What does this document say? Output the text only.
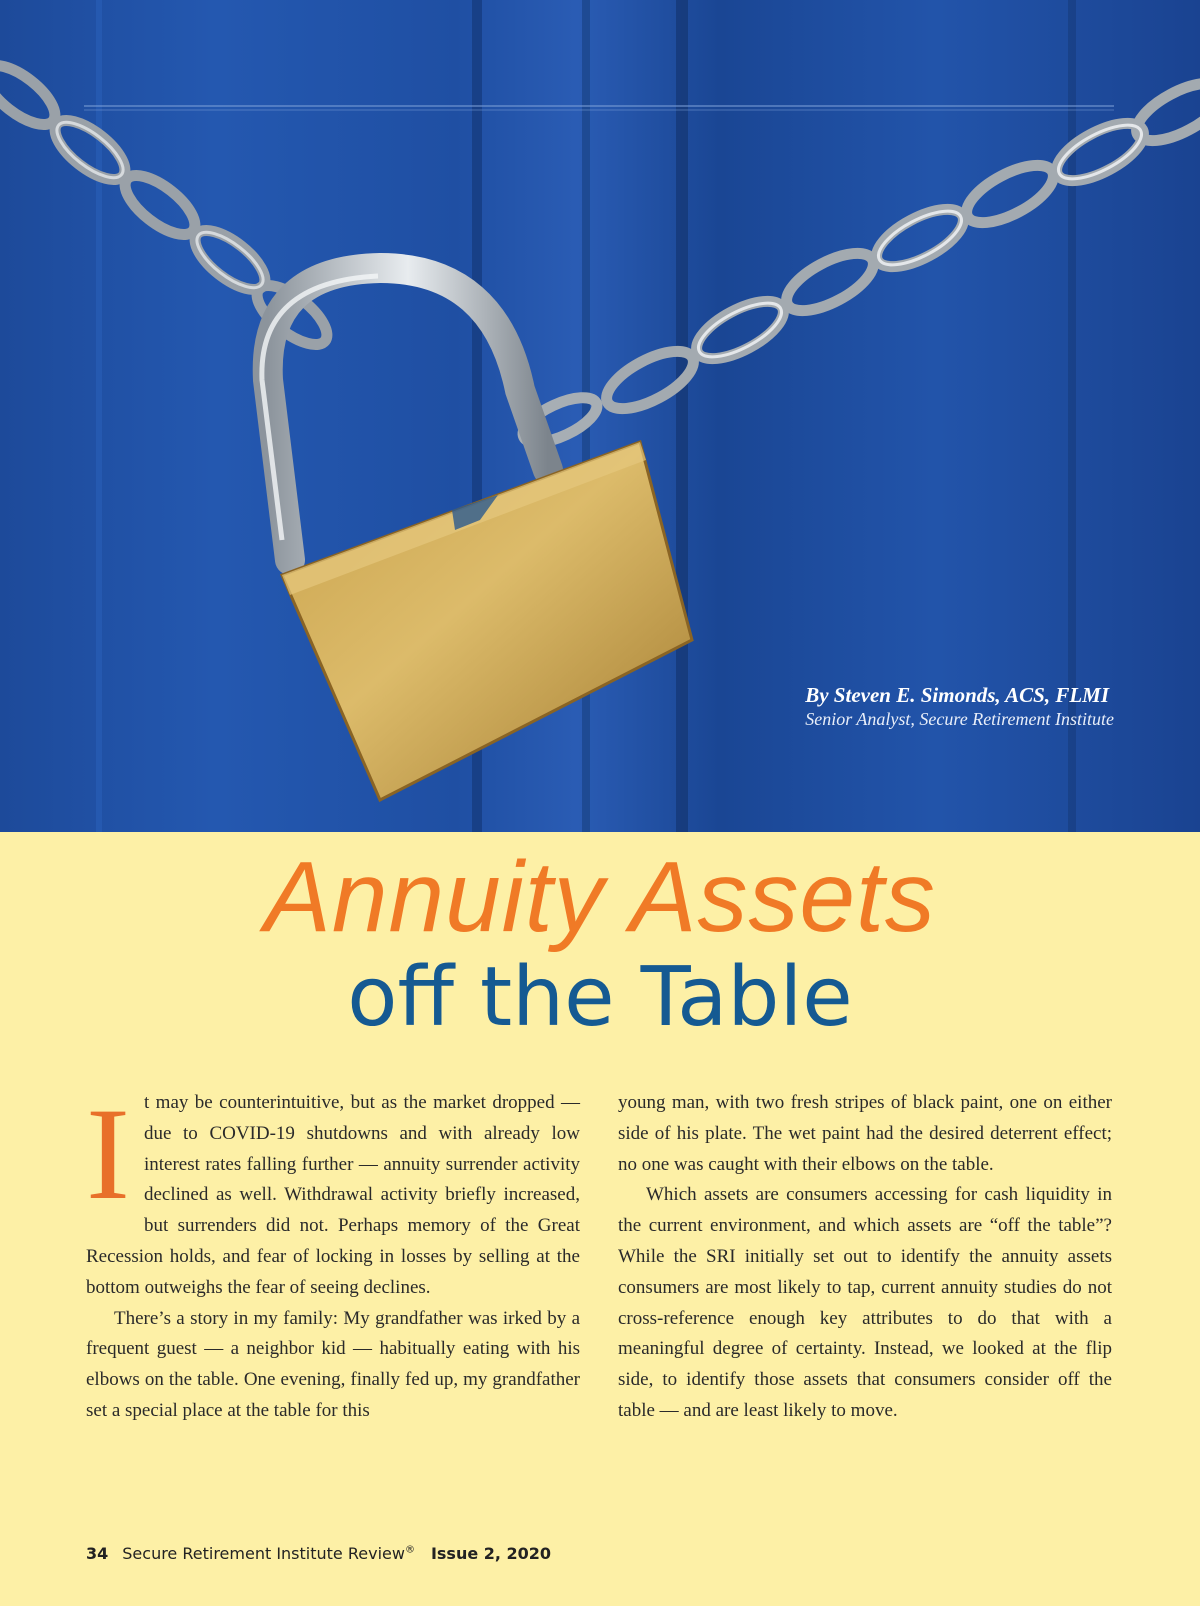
By Steven E. Simonds, ACS, FLMI
Senior Analyst, Secure Retirement Institute
Annuity Assets
off the Table

It may be counterintuitive, but as the market dropped — due to COVID-19 shutdowns and with already low interest rates falling further — annuity surrender activity declined as well. Withdrawal activity briefly increased, but surrenders did not. Perhaps memory of the Great Recession holds, and fear of locking in losses by selling at the bottom outweighs the fear of seeing declines.

There’s a story in my family: My grandfather was irked by a frequent guest — a neighbor kid — habitually eating with his elbows on the table. One evening, finally fed up, my grandfather set a special place at the table for this

young man, with two fresh stripes of black paint, one on either side of his plate. The wet paint had the desired deterrent effect; no one was caught with their elbows on the table.

Which assets are consumers accessing for cash liquidity in the current environment, and which assets are “off the table”? While the SRI initially set out to identify the annuity assets consumers are most likely to tap, current annuity studies do not cross-reference enough key attributes to do that with a meaningful degree of certainty. Instead, we looked at the flip side, to identify those assets that consumers consider off the table — and are least likely to move.

34 Secure Retirement Institute Review® Issue 2, 2020
